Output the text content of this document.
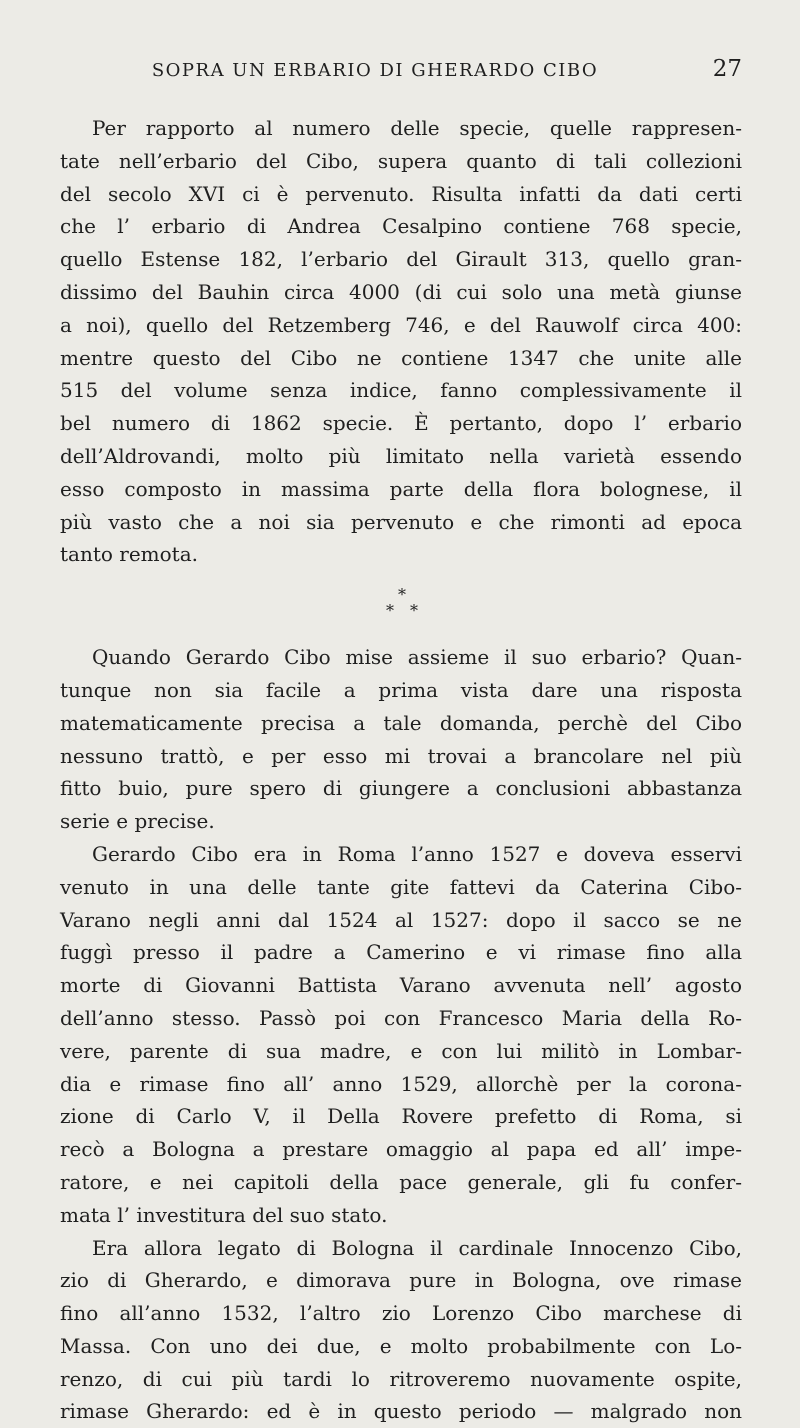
SOPRA UN ERBARIO DI GHERARDO CIBO	27
Per rapporto al numero delle specie, quelle rappresen-
tate nell’erbario del Cibo, supera quanto di tali collezioni
del secolo XVI ci è pervenuto. Risulta infatti da dati certi
che l’ erbario di Andrea Cesalpino contiene 768 specie,
quello Estense 182, l’erbario del Girault 313, quello gran-
dissimo del Bauhin circa 4000 (di cui solo una metà giunse
a noi), quello del Retzemberg 746, e del Rauwolf circa 400:
mentre questo del Cibo ne contiene 1347 che unite alle
515 del volume senza indice, fanno complessivamente il
bel numero di 1862 specie. È pertanto, dopo l’ erbario
dell’Aldrovandi, molto più limitato nella varietà essendo
esso composto in massima parte della flora bolognese, il
più vasto che a noi sia pervenuto e che rimonti ad epoca
tanto remota.
*
* *
Quando Gerardo Cibo mise assieme il suo erbario? Quan-
tunque non sia facile a prima vista dare una risposta
matematicamente precisa a tale domanda, perchè del Cibo
nessuno trattò, e per esso mi trovai a brancolare nel più
fitto buio, pure spero di giungere a conclusioni abbastanza
serie e precise.
Gerardo Cibo era in Roma l’anno 1527 e doveva esservi
venuto in una delle tante gite fattevi da Caterina Cibo-
Varano negli anni dal 1524 al 1527: dopo il sacco se ne
fuggì presso il padre a Camerino e vi rimase fino alla
morte di Giovanni Battista Varano avvenuta nell’ agosto
dell’anno stesso. Passò poi con Francesco Maria della Ro-
vere, parente di sua madre, e con lui militò in Lombar-
dia e rimase fino all’ anno 1529, allorchè per la corona-
zione di Carlo V, il Della Rovere prefetto di Roma, si
recò a Bologna a prestare omaggio al papa ed all’ impe-
ratore, e nei capitoli della pace generale, gli fu confer-
mata l’ investitura del suo stato.
Era allora legato di Bologna il cardinale Innocenzo Cibo,
zio di Gherardo, e dimorava pure in Bologna, ove rimase
fino all’anno 1532, l’altro zio Lorenzo Cibo marchese di
Massa. Con uno dei due, e molto probabilmente con Lo-
renzo, di cui più tardi lo ritroveremo nuovamente ospite,
rimase Gherardo: ed è in questo periodo — malgrado non
